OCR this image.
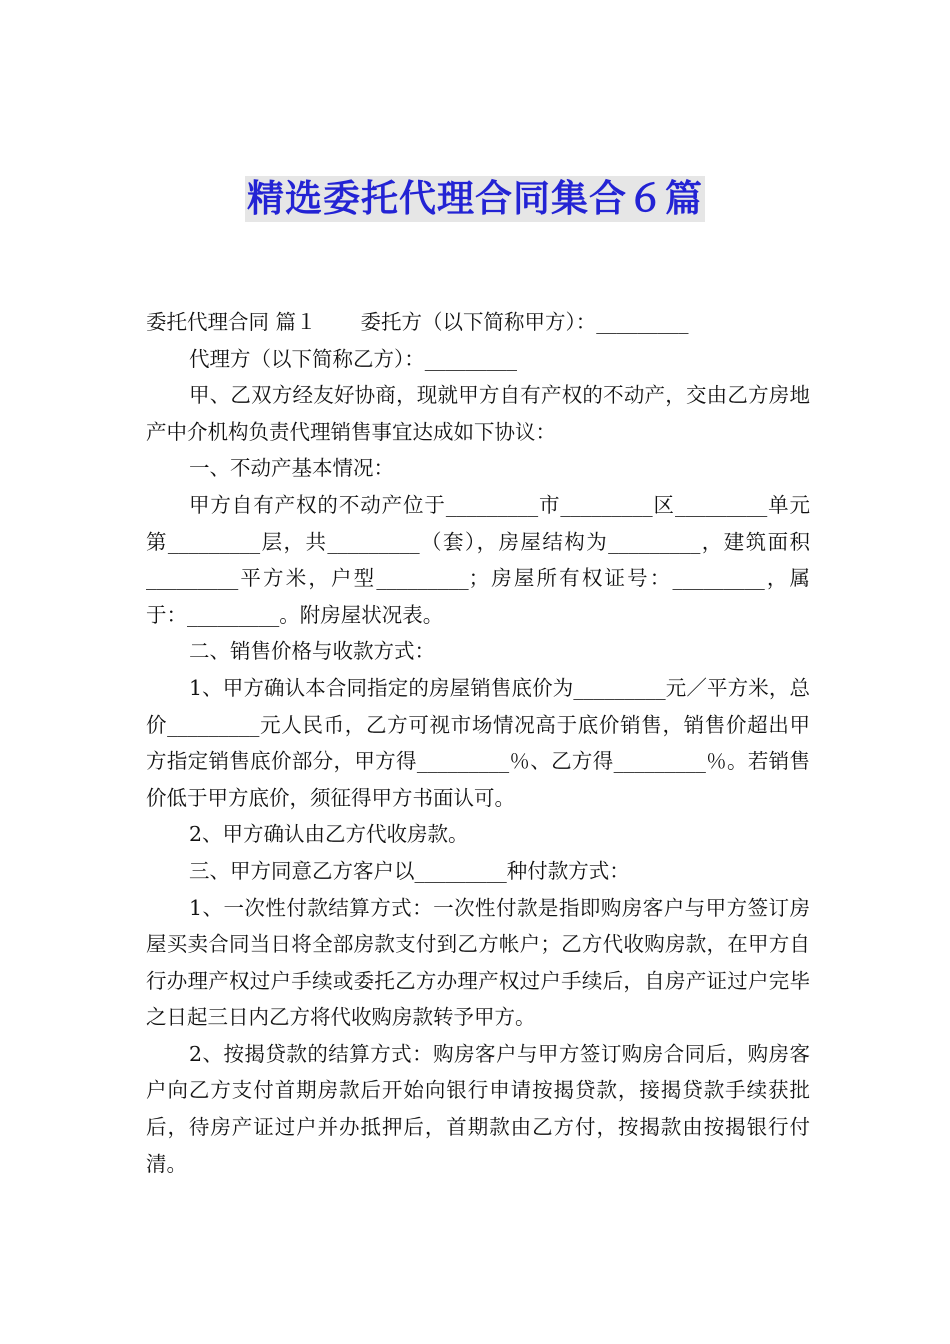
精选委托代理合同集合６篇

委托代理合同 篇１ 委托方（以下简称甲方）：_________

代理方（以下简称乙方）：_________

甲、乙双方经友好协商，现就甲方自有产权的不动产，交由乙方房地产中介机构负责代理销售事宜达成如下协议：

一、不动产基本情况：

甲方自有产权的不动产位于_________市_________区_________单元第_________层，共_________（套），房屋结构为_________，建筑面积_________平方米，户型_________；房屋所有权证号：_________，属于：_________。附房屋状况表。

二、销售价格与收款方式：

1、甲方确认本合同指定的房屋销售底价为_________元／平方米，总价_________元人民币，乙方可视市场情况高于底价销售，销售价超出甲方指定销售底价部分，甲方得_________％、乙方得_________％。若销售价低于甲方底价，须征得甲方书面认可。

2、甲方确认由乙方代收房款。

三、甲方同意乙方客户以_________种付款方式：

1、一次性付款结算方式：一次性付款是指即购房客户与甲方签订房屋买卖合同当日将全部房款支付到乙方帐户；乙方代收购房款，在甲方自行办理产权过户手续或委托乙方办理产权过户手续后，自房产证过户完毕之日起三日内乙方将代收购房款转予甲方。

2、按揭贷款的结算方式：购房客户与甲方签订购房合同后，购房客户向乙方支付首期房款后开始向银行申请按揭贷款，接揭贷款手续获批后，待房产证过户并办抵押后，首期款由乙方付，按揭款由按揭银行付清。
